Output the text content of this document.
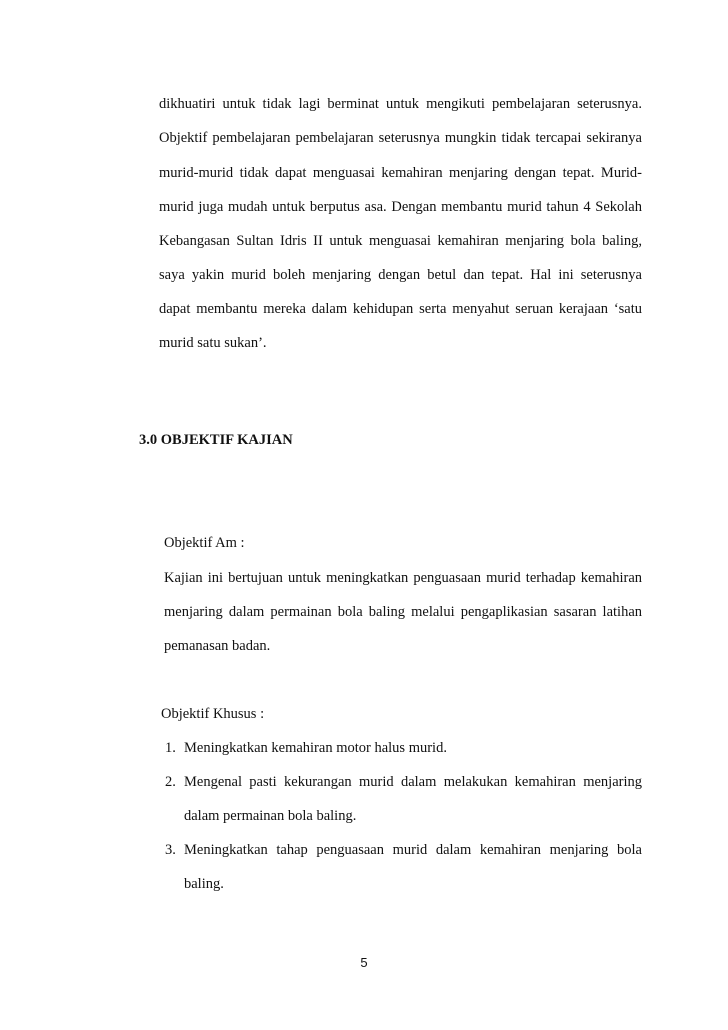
dikhuatiri untuk tidak lagi berminat untuk mengikuti pembelajaran seterusnya.
Objektif pembelajaran pembelajaran seterusnya mungkin tidak tercapai sekiranya
murid-murid tidak dapat menguasai kemahiran menjaring dengan tepat. Murid-
murid juga mudah untuk berputus asa. Dengan membantu murid tahun 4 Sekolah
Kebangasan Sultan Idris II untuk menguasai kemahiran menjaring bola baling,
saya yakin murid boleh menjaring dengan betul dan tepat. Hal ini seterusnya
dapat membantu mereka dalam kehidupan serta menyahut seruan kerajaan ‘satu
murid satu sukan’.
3.0 OBJEKTIF KAJIAN
Objektif Am :
Kajian ini bertujuan untuk meningkatkan penguasaan murid terhadap kemahiran
menjaring dalam permainan bola baling melalui pengaplikasian sasaran latihan
pemanasan badan.
Objektif Khusus :
1. Meningkatkan kemahiran motor halus murid.
2. Mengenal pasti kekurangan murid dalam melakukan kemahiran menjaring
dalam permainan bola baling.
3. Meningkatkan tahap penguasaan murid dalam kemahiran menjaring bola
baling.
5
